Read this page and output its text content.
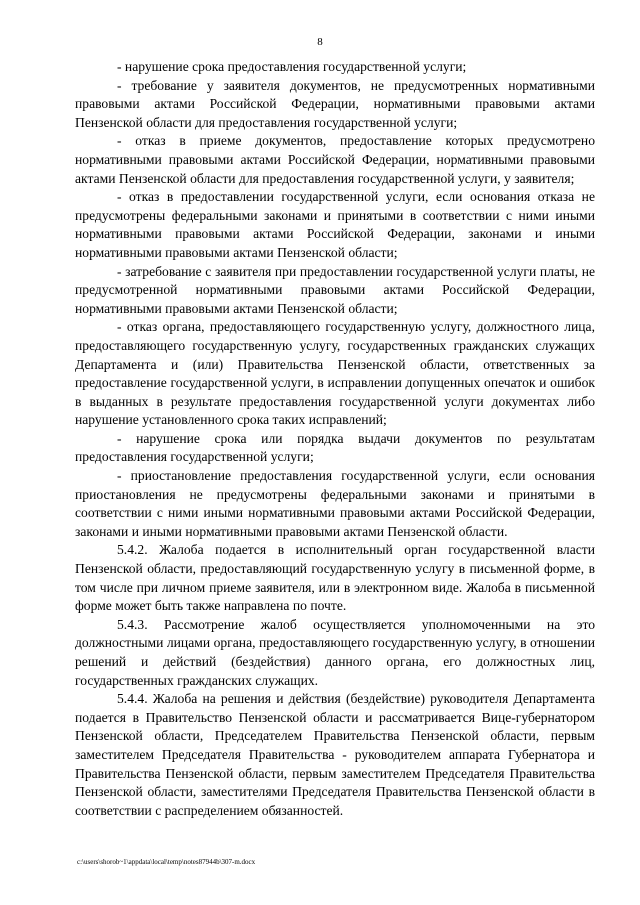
8

- нарушение срока предоставления государственной услуги;

- требование у заявителя документов, не предусмотренных нормативными правовыми актами Российской Федерации, нормативными правовыми актами Пензенской области для предоставления государственной услуги;

- отказ в приеме документов, предоставление которых предусмотрено нормативными правовыми актами Российской Федерации, нормативными правовыми актами Пензенской области для предоставления государственной услуги, у заявителя;

- отказ в предоставлении государственной услуги, если основания отказа не предусмотрены федеральными законами и принятыми в соответствии с ними иными нормативными правовыми актами Российской Федерации, законами и иными нормативными правовыми актами Пензенской области;

- затребование с заявителя при предоставлении государственной услуги платы, не предусмотренной нормативными правовыми актами Российской Федерации, нормативными правовыми актами Пензенской области;

- отказ органа, предоставляющего государственную услугу, должностного лица, предоставляющего государственную услугу, государственных гражданских служащих Департамента и (или) Правительства Пензенской области, ответственных за предоставление государственной услуги, в исправлении допущенных опечаток и ошибок в выданных в результате предоставления государственной услуги документах либо нарушение установленного срока таких исправлений;

- нарушение срока или порядка выдачи документов по результатам предоставления государственной услуги;

- приостановление предоставления государственной услуги, если основания приостановления не предусмотрены федеральными законами и принятыми в соответствии с ними иными нормативными правовыми актами Российской Федерации, законами и иными нормативными правовыми актами Пензенской области.

5.4.2. Жалоба подается в исполнительный орган государственной власти Пензенской области, предоставляющий государственную услугу в письменной форме, в том числе при личном приеме заявителя, или в электронном виде. Жалоба в письменной форме может быть также направлена по почте.

5.4.3. Рассмотрение жалоб осуществляется уполномоченными на это должностными лицами органа, предоставляющего государственную услугу, в отношении решений и действий (бездействия) данного органа, его должностных лиц, государственных гражданских служащих.

5.4.4. Жалоба на решения и действия (бездействие) руководителя Департамента подается в Правительство Пензенской области и рассматривается Вице-губернатором Пензенской области, Председателем Правительства Пензенской области, первым заместителем Председателя Правительства - руководителем аппарата Губернатора и Правительства Пензенской области, первым заместителем Председателя Правительства Пензенской области, заместителями Председателя Правительства Пензенской области в соответствии с распределением обязанностей.

c:\users\shorob~1\appdata\local\temp\notes87944b\307-m.docx
